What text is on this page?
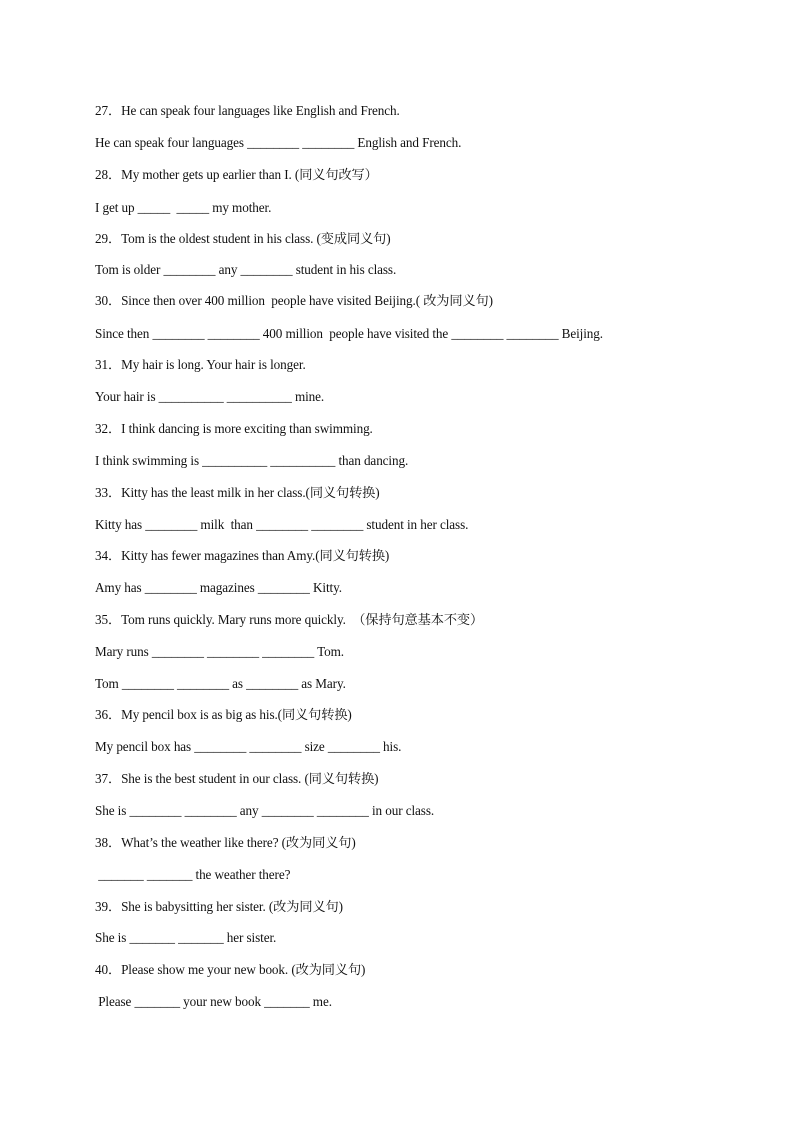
27．He can speak four languages like English and French.
He can speak four languages ________ ________ English and French.
28．My mother gets up earlier than I. (同义句改写）
I get up _____  _____ my mother.
29．Tom is the oldest student in his class. (变成同义句)
Tom is older ________ any ________ student in his class.
30．Since then over 400 million  people have visited Beijing.( 改为同义句)
Since then ________ ________ 400 million  people have visited the ________ ________ Beijing.
31．My hair is long. Your hair is longer.
Your hair is __________ __________ mine.
32．I think dancing is more exciting than swimming.
I think swimming is __________ __________ than dancing.
33．Kitty has the least milk in her class.(同义句转换)
Kitty has ________ milk  than ________ ________ student in her class.
34．Kitty has fewer magazines than Amy.(同义句转换)
Amy has ________ magazines ________ Kitty.
35．Tom runs quickly. Mary runs more quickly.  （保持句意基本不变）
Mary runs ________ ________ ________ Tom.
Tom ________ ________ as ________ as Mary.
36．My pencil box is as big as his.(同义句转换)
My pencil box has ________ ________ size ________ his.
37．She is the best student in our class. (同义句转换)
She is ________ ________ any ________ ________ in our class.
38．What’s the weather like there? (改为同义句)
_______ _______ the weather there?
39．She is babysitting her sister. (改为同义句)
She is _______ _______ her sister.
40．Please show me your new book. (改为同义句)
Please _______ your new book _______ me.
